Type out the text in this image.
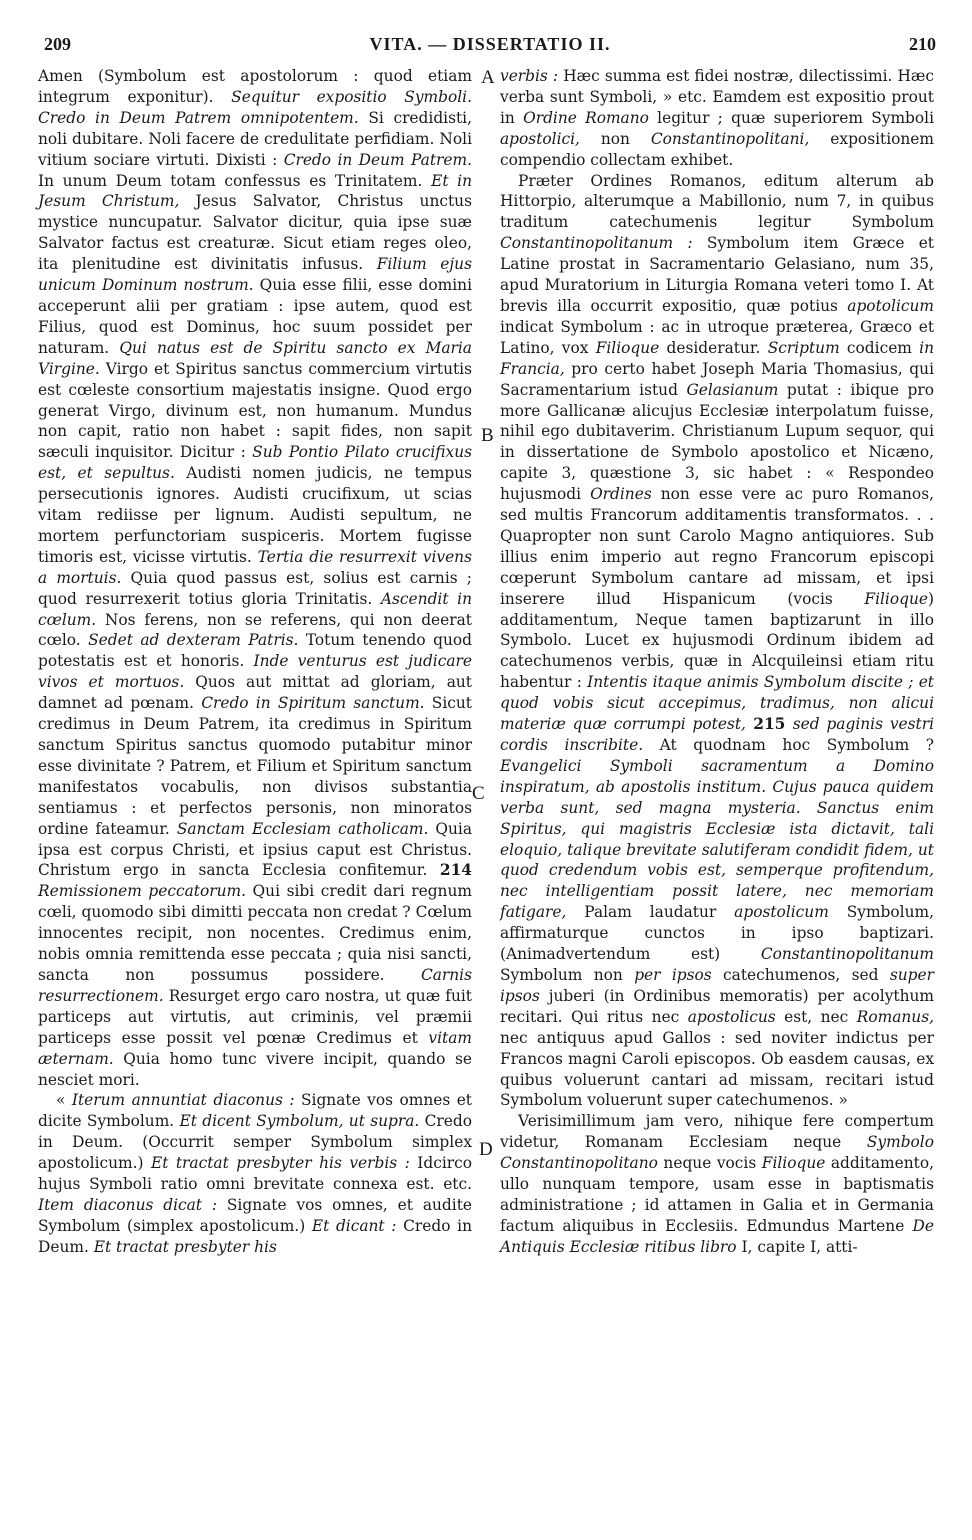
209	VITA. — DISSERTATIO II.	210
A
B
C
D

Amen (Symbolum est apostolorum : quod etiam integrum exponitur). Sequitur expositio Symboli. Credo in Deum Patrem omnipotentem. Si credidisti, noli dubitare. Noli facere de credulitate perfidiam. Noli vitium sociare virtuti. Dixisti : Credo in Deum Patrem. In unum Deum totam confessus es Trinitatem. Et in Jesum Christum, Jesus Salvator, Christus unctus mystice nuncupatur. Salvator dicitur, quia ipse suæ Salvator factus est creaturæ. Sicut etiam reges oleo, ita plenitudine est divinitatis infusus. Filium ejus unicum Dominum nostrum. Quia esse filii, esse domini acceperunt alii per gratiam : ipse autem, quod est Filius, quod est Dominus, hoc suum possidet per naturam. Qui natus est de Spiritu sancto ex Maria Virgine. Virgo et Spiritus sanctus commercium virtutis est cœleste consortium majestatis insigne. Quod ergo generat Virgo, divinum est, non humanum. Mundus non capit, ratio non habet : sapit fides, non sapit sæculi inquisitor. Dicitur : Sub Pontio Pilato crucifixus est, et sepultus. Audisti nomen judicis, ne tempus persecutionis ignores. Audisti crucifixum, ut scias vitam rediisse per lignum. Audisti sepultum, ne mortem perfunctoriam suspiceris. Mortem fugisse timoris est, vicisse virtutis. Tertia die resurrexit vivens a mortuis. Quia quod passus est, solius est carnis ; quod resurrexerit totius gloria Trinitatis. Ascendit in cœlum. Nos ferens, non se referens, qui non deerat cœlo. Sedet ad dexteram Patris. Totum tenendo quod potestatis est et honoris. Inde venturus est judicare vivos et mortuos. Quos aut mittat ad gloriam, aut damnet ad pœnam. Credo in Spiritum sanctum. Sicut credimus in Deum Patrem, ita credimus in Spiritum sanctum Spiritus sanctus quomodo putabitur minor esse divinitate ? Patrem, et Filium et Spiritum sanctum manifestatos vocabulis, non divisos substantia sentiamus : et perfectos personis, non minoratos ordine fateamur. Sanctam Ecclesiam catholicam. Quia ipsa est corpus Christi, et ipsius caput est Christus. Christum ergo in sancta Ecclesia confitemur. 214 Remissionem peccatorum. Qui sibi credit dari regnum cœli, quomodo sibi dimitti peccata non credat ? Cœlum innocentes recipit, non nocentes. Credimus enim, nobis omnia remittenda esse peccata ; quia nisi sancti, sancta non possumus possidere. Carnis resurrectionem. Resurget ergo caro nostra, ut quæ fuit particeps aut virtutis, aut criminis, vel præmii particeps esse possit vel pœnæ Credimus et vitam æternam. Quia homo tunc vivere incipit, quando se nesciet mori.

« Iterum annuntiat diaconus : Signate vos omnes et dicite Symbolum. Et dicent Symbolum, ut supra. Credo in Deum. (Occurrit semper Symbolum simplex apostolicum.) Et tractat presbyter his verbis : Idcirco hujus Symboli ratio omni brevitate connexa est. etc. Item diaconus dicat : Signate vos omnes, et audite Symbolum (simplex apostolicum.) Et dicant : Credo in Deum. Et tractat presbyter his

verbis : Hæc summa est fidei nostræ, dilectissimi. Hæc verba sunt Symboli, » etc. Eamdem est expositio prout in Ordine Romano legitur ; quæ superiorem Symboli apostolici, non Constantinopolitani, expositionem compendio collectam exhibet.

Præter Ordines Romanos, editum alterum ab Hittorpio, alterumque a Mabillonio, num 7, in quibus traditum catechumenis legitur Symbolum Constantinopolitanum : Symbolum item Græce et Latine prostat in Sacramentario Gelasiano, num 35, apud Muratorium in Liturgia Romana veteri tomo I. At brevis illa occurrit expositio, quæ potius apotolicum indicat Symbolum : ac in utroque præterea, Græco et Latino, vox Filioque desideratur. Scriptum codicem in Francia, pro certo habet Joseph Maria Thomasius, qui Sacramentarium istud Gelasianum putat : ibique pro more Gallicanæ alicujus Ecclesiæ interpolatum fuisse, nihil ego dubitaverim. Christianum Lupum sequor, qui in dissertatione de Symbolo apostolico et Nicæno, capite 3, quæstione 3, sic habet : « Respondeo hujusmodi Ordines non esse vere ac puro Romanos, sed multis Francorum additamentis transformatos. . . Quapropter non sunt Carolo Magno antiquiores. Sub illius enim imperio aut regno Francorum episcopi cœperunt Symbolum cantare ad missam, et ipsi inserere illud Hispanicum (vocis Filioque) additamentum, Neque tamen baptizarunt in illo Symbolo. Lucet ex hujusmodi Ordinum ibidem ad catechumenos verbis, quæ in Alcquileinsi etiam ritu habentur : Intentis itaque animis Symbolum discite ; et quod vobis sicut accepimus, tradimus, non alicui materiæ quæ corrumpi potest, 215 sed paginis vestri cordis inscribite. At quodnam hoc Symbolum ? Evangelici Symboli sacramentum a Domino inspiratum, ab apostolis institum. Cujus pauca quidem verba sunt, sed magna mysteria. Sanctus enim Spiritus, qui magistris Ecclesiæ ista dictavit, tali eloquio, talique brevitate salutiferam condidit fidem, ut quod credendum vobis est, semperque profitendum, nec intelligentiam possit latere, nec memoriam fatigare, Palam laudatur apostolicum Symbolum, affirmaturque cunctos in ipso baptizari. (Animadvertendum est) Constantinopolitanum Symbolum non per ipsos catechumenos, sed super ipsos juberi (in Ordinibus memoratis) per acolythum recitari. Qui ritus nec apostolicus est, nec Romanus, nec antiquus apud Gallos : sed noviter indictus per Francos magni Caroli episcopos. Ob easdem causas, ex quibus voluerunt cantari ad missam, recitari istud Symbolum voluerunt super catechumenos. »

Verisimillimum jam vero, nihique fere compertum videtur, Romanam Ecclesiam neque Symbolo Constantinopolitano neque vocis Filioque additamento, ullo nunquam tempore, usam esse in baptismatis administratione ; id attamen in Galia et in Germania factum aliquibus in Ecclesiis. Edmundus Martene De Antiquis Ecclesiæ ritibus libro I, capite I, atti-
